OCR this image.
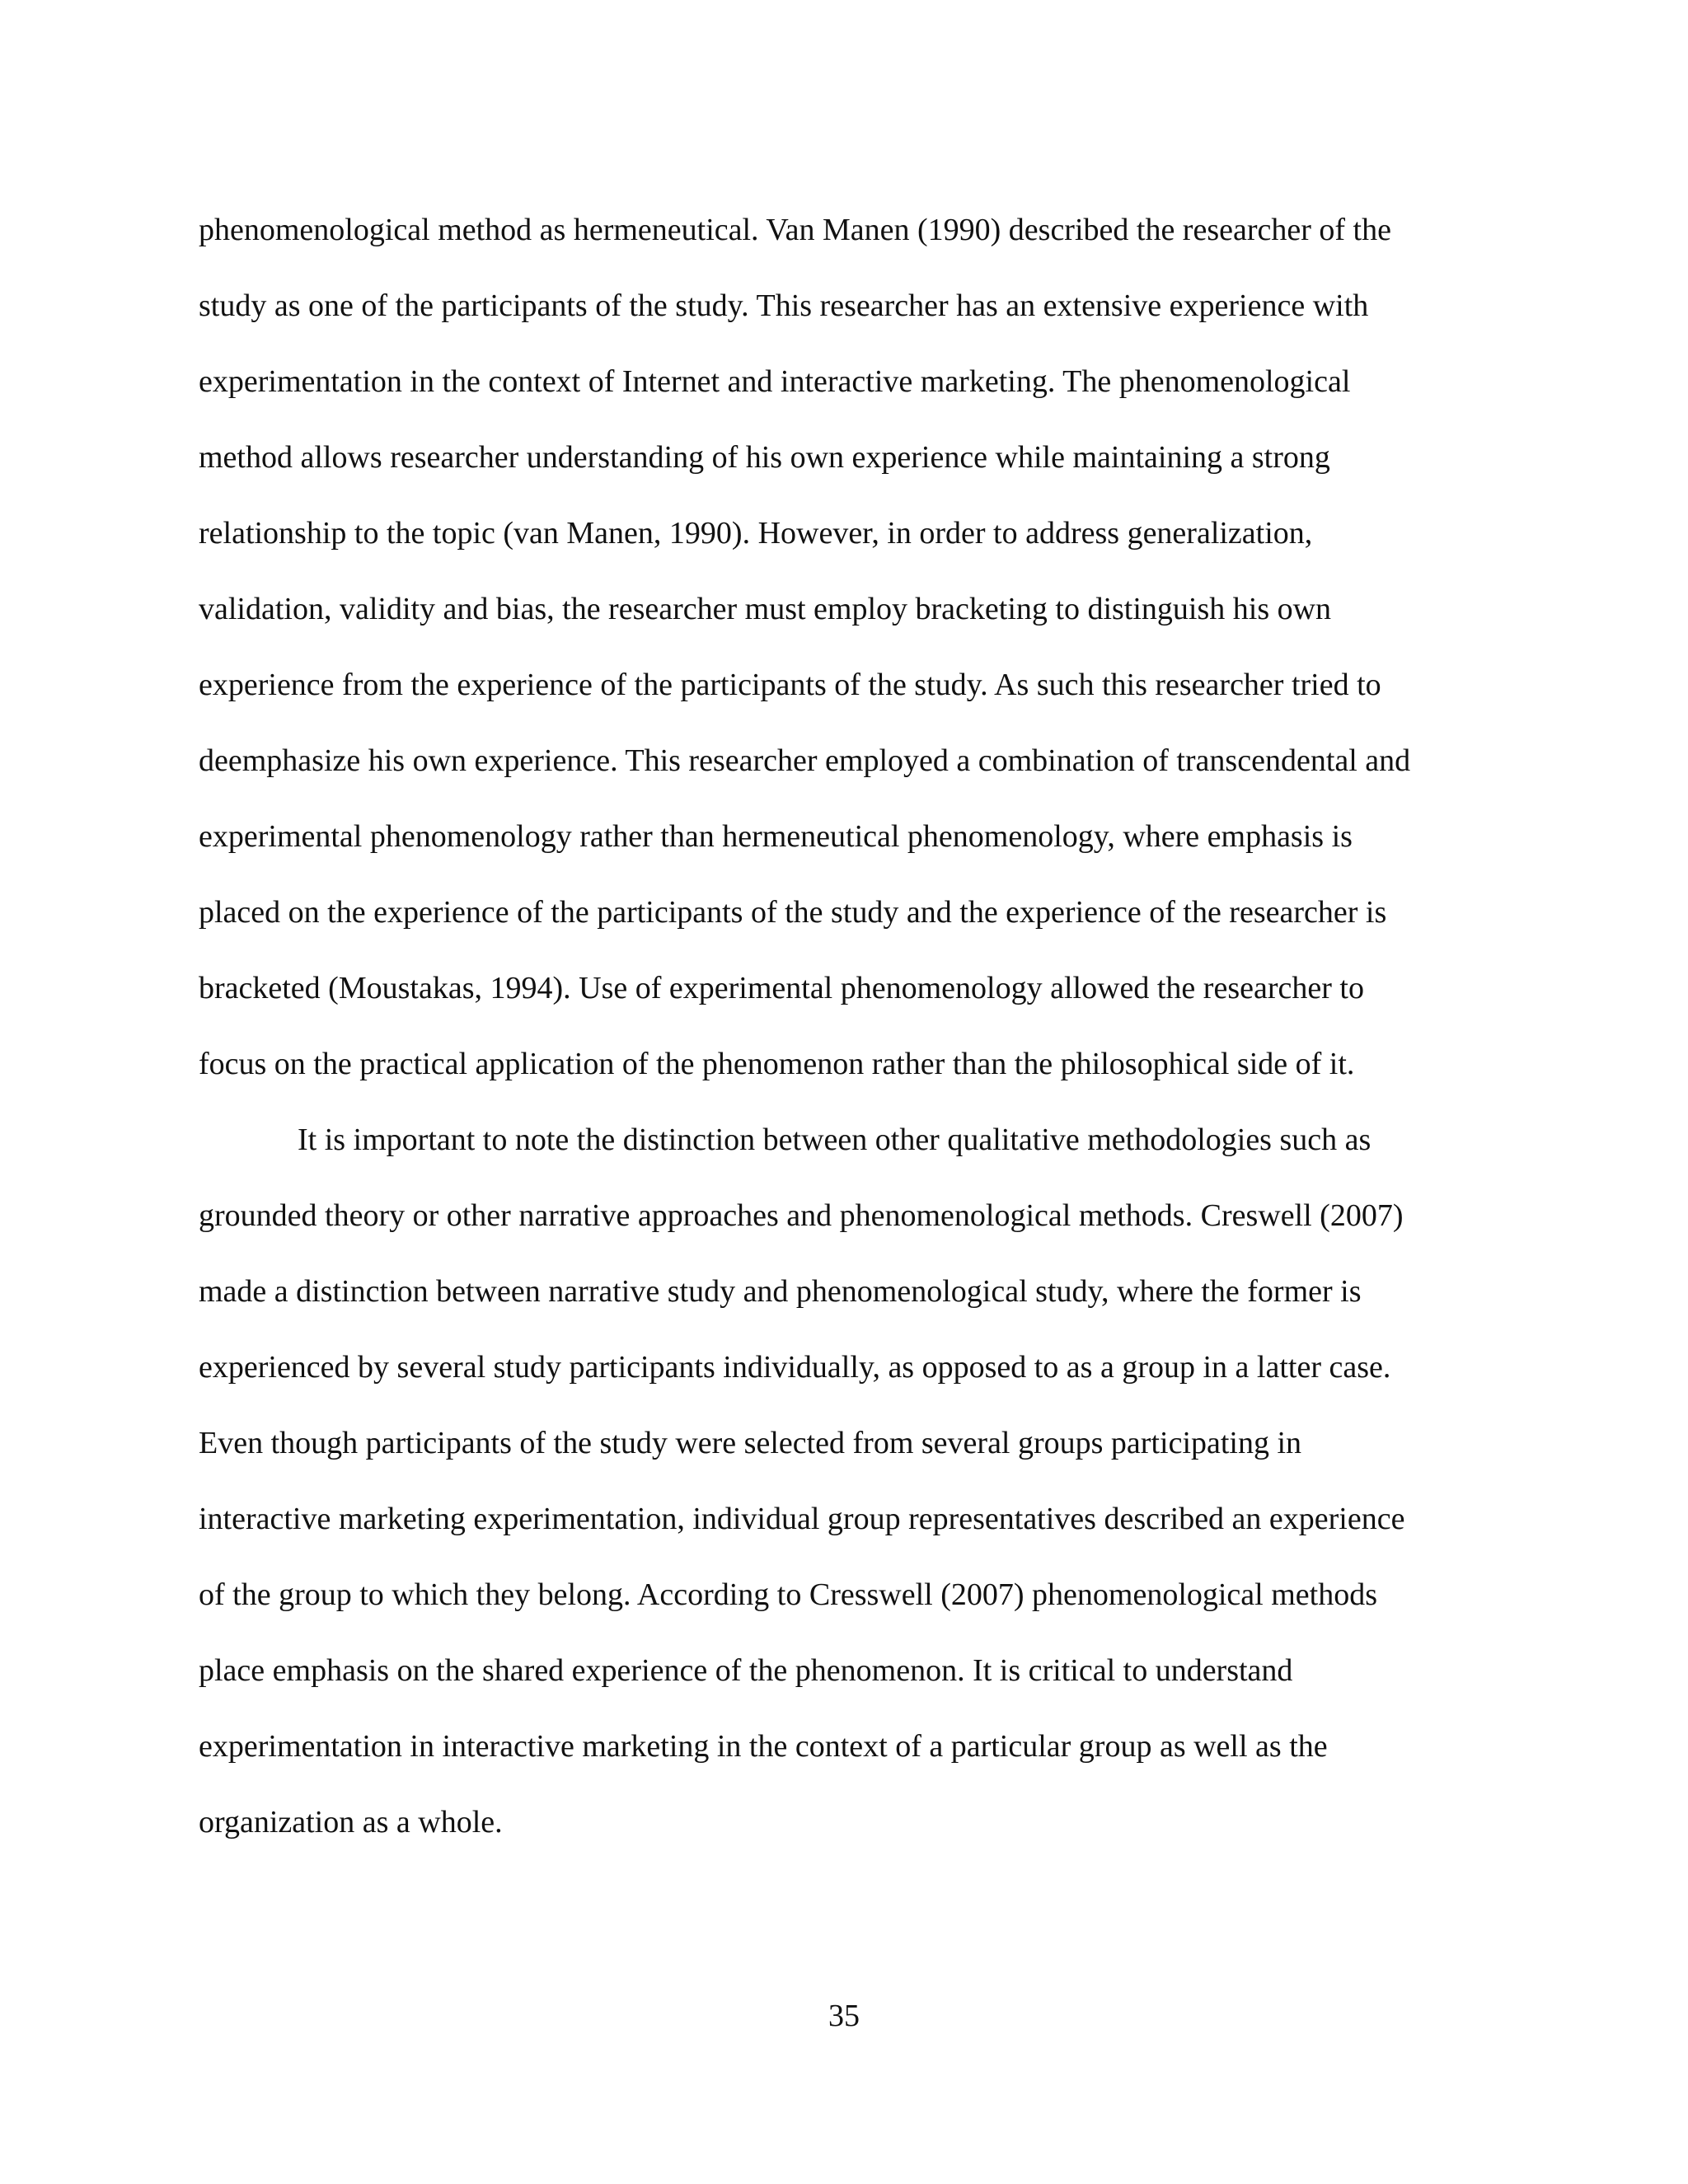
phenomenological method as hermeneutical. Van Manen (1990) described the researcher of the
study as one of the participants of the study. This researcher has an extensive experience with
experimentation in the context of Internet and interactive marketing. The phenomenological
method allows researcher understanding of his own experience while maintaining a strong
relationship to the topic (van Manen, 1990). However, in order to address generalization,
validation, validity and bias, the researcher must employ bracketing to distinguish his own
experience from the experience of the participants of the study. As such this researcher tried to
deemphasize his own experience. This researcher employed a combination of transcendental and
experimental phenomenology rather than hermeneutical phenomenology, where emphasis is
placed on the experience of the participants of the study and the experience of the researcher is
bracketed (Moustakas, 1994). Use of experimental phenomenology allowed the researcher to
focus on the practical application of the phenomenon rather than the philosophical side of it.
It is important to note the distinction between other qualitative methodologies such as
grounded theory or other narrative approaches and phenomenological methods. Creswell (2007)
made a distinction between narrative study and phenomenological study, where the former is
experienced by several study participants individually, as opposed to as a group in a latter case.
Even though participants of the study were selected from several groups participating in
interactive marketing experimentation, individual group representatives described an experience
of the group to which they belong. According to Cresswell (2007) phenomenological methods
place emphasis on the shared experience of the phenomenon. It is critical to understand
experimentation in interactive marketing in the context of a particular group as well as the
organization as a whole.
35
